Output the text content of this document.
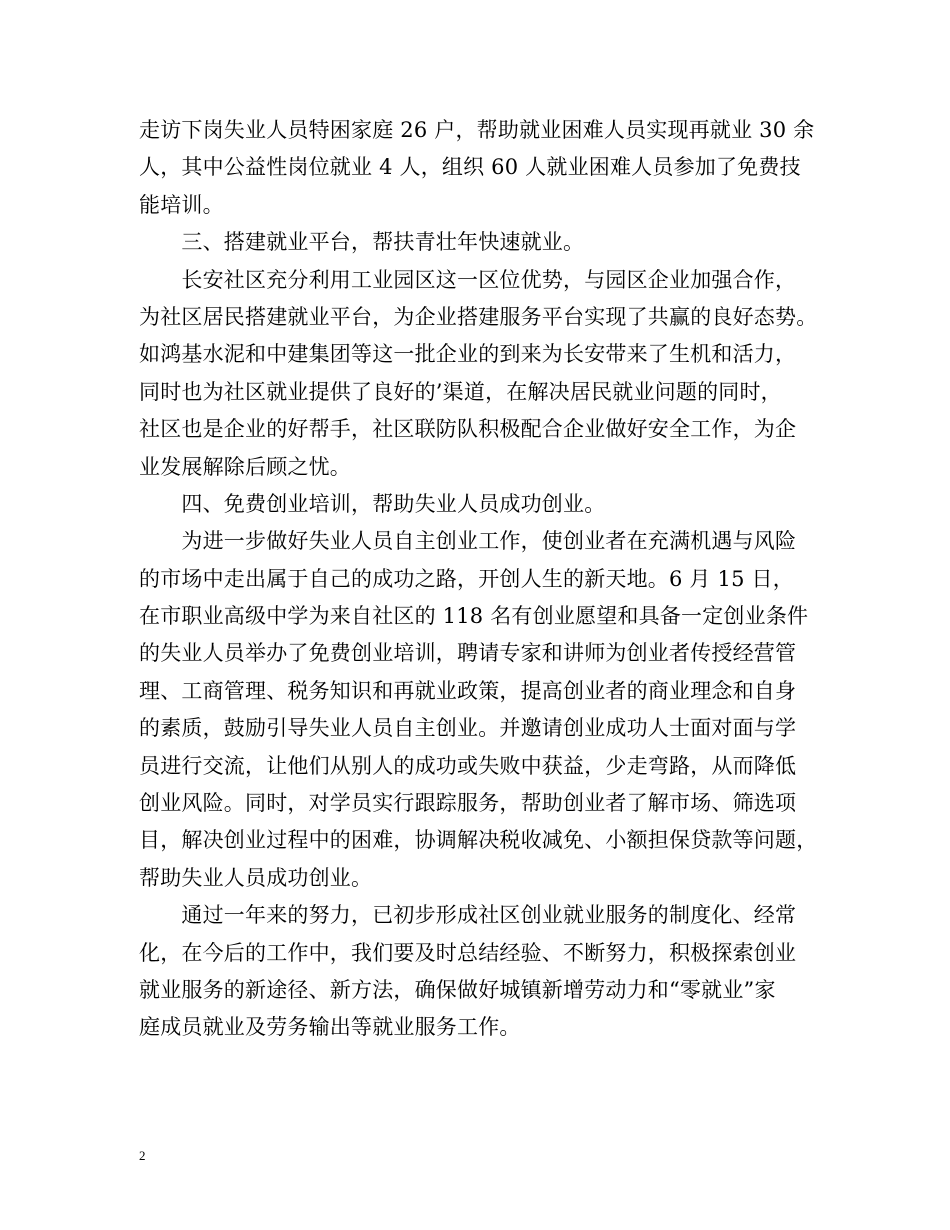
走访下岗失业人员特困家庭 26 户，帮助就业困难人员实现再就业 30 余
人，其中公益性岗位就业 4 人，组织 60 人就业困难人员参加了免费技
能培训。
　　三、搭建就业平台，帮扶青壮年快速就业。
　　长安社区充分利用工业园区这一区位优势，与园区企业加强合作，
为社区居民搭建就业平台，为企业搭建服务平台实现了共赢的良好态势。
如鸿基水泥和中建集团等这一批企业的到来为长安带来了生机和活力，
同时也为社区就业提供了良好的’渠道，在解决居民就业问题的同时，
社区也是企业的好帮手，社区联防队积极配合企业做好安全工作，为企
业发展解除后顾之忧。
　　四、免费创业培训，帮助失业人员成功创业。
　　为进一步做好失业人员自主创业工作，使创业者在充满机遇与风险
的市场中走出属于自己的成功之路，开创人生的新天地。6 月 15 日，
在市职业高级中学为来自社区的 118 名有创业愿望和具备一定创业条件
的失业人员举办了免费创业培训，聘请专家和讲师为创业者传授经营管
理、工商管理、税务知识和再就业政策，提高创业者的商业理念和自身
的素质，鼓励引导失业人员自主创业。并邀请创业成功人士面对面与学
员进行交流，让他们从别人的成功或失败中获益，少走弯路，从而降低
创业风险。同时，对学员实行跟踪服务，帮助创业者了解市场、筛选项
目，解决创业过程中的困难，协调解决税收减免、小额担保贷款等问题，
帮助失业人员成功创业。
　　通过一年来的努力，已初步形成社区创业就业服务的制度化、经常
化，在今后的工作中，我们要及时总结经验、不断努力，积极探索创业
就业服务的新途径、新方法，确保做好城镇新增劳动力和“零就业”家
庭成员就业及劳务输出等就业服务工作。
2
